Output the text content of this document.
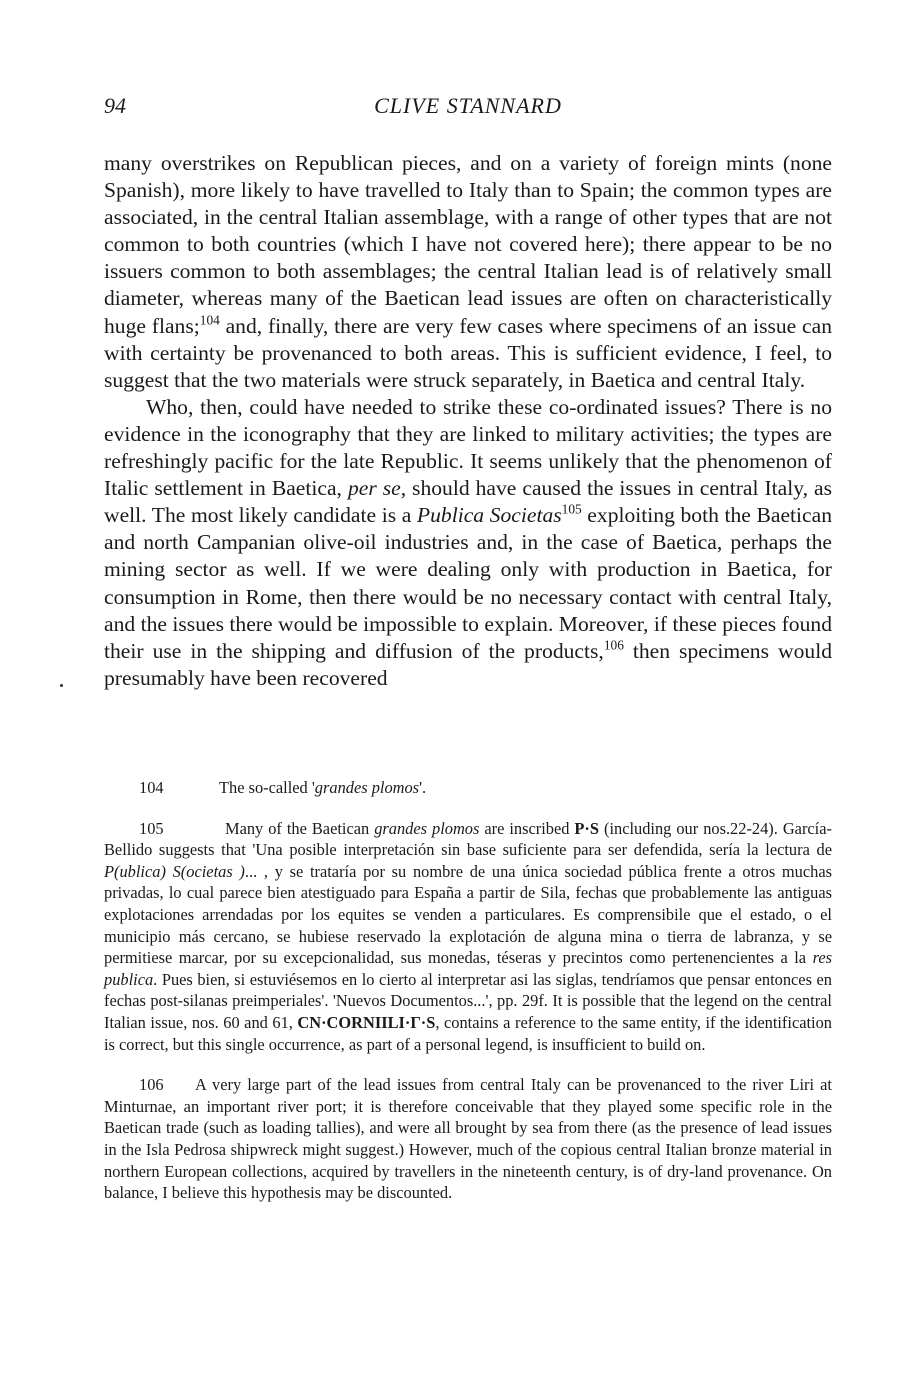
94	CLIVE STANNARD

many overstrikes on Republican pieces, and on a variety of foreign mints (none Spanish), more likely to have travelled to Italy than to Spain; the common types are associated, in the central Italian assemblage, with a range of other types that are not common to both countries (which I have not covered here); there appear to be no issuers common to both assemblages; the central Italian lead is of relatively small diameter, whereas many of the Baetican lead issues are often on characteristically huge flans;$^{104}$ and, finally, there are very few cases where specimens of an issue can with certainty be provenanced to both areas. This is sufficient evidence, I feel, to suggest that the two materials were struck separately, in Baetica and central Italy.

Who, then, could have needed to strike these co-ordinated issues? There is no evidence in the iconography that they are linked to military activities; the types are refreshingly pacific for the late Republic. It seems unlikely that the phenomenon of Italic settlement in Baetica, per se, should have caused the issues in central Italy, as well. The most likely candidate is a Publica Societas$^{105}$ exploiting both the Baetican and north Campanian olive-oil industries and, in the case of Baetica, perhaps the mining sector as well. If we were dealing only with production in Baetica, for consumption in Rome, then there would be no necessary contact with central Italy, and the issues there would be impossible to explain. Moreover, if these pieces found their use in the shipping and diffusion of the products,$^{106}$ then specimens would presumably have been recovered

104	The so-called 'grandes plomos'.

105	Many of the Baetican grandes plomos are inscribed P·S (including our nos.22-24). García-Bellido suggests that 'Una posible interpretación sin base suficiente para ser defendida, sería la lectura de P(ublica) S(ocietas )... , y se trataría por su nombre de una única sociedad pública frente a otros muchas privadas, lo cual parece bien atestiguado para España a partir de Sila, fechas que probablemente las antiguas explotaciones arrendadas por los equites se venden a particulares. Es comprensibile que el estado, o el municipio más cercano, se hubiese reservado la explotación de alguna mina o tierra de labranza, y se permitiese marcar, por su excepcionalidad, sus monedas, téseras y precintos como pertenencientes a la res publica. Pues bien, si estuviésemos en lo cierto al interpretar asi las siglas, tendríamos que pensar entonces en fechas post-silanas preimperiales'. 'Nuevos Documentos...', pp. 29f. It is possible that the legend on the central Italian issue, nos. 60 and 61, CN·CORNIILI·Γ·S, contains a reference to the same entity, if the identification is correct, but this single occurrence, as part of a personal legend, is insufficient to build on.

106 A very large part of the lead issues from central Italy can be provenanced to the river Liri at Minturnae, an important river port; it is therefore conceivable that they played some specific role in the Baetican trade (such as loading tallies), and were all brought by sea from there (as the presence of lead issues in the Isla Pedrosa shipwreck might suggest.) However, much of the copious central Italian bronze material in northern European collections, acquired by travellers in the nineteenth century, is of dry-land provenance. On balance, I believe this hypothesis may be discounted.
